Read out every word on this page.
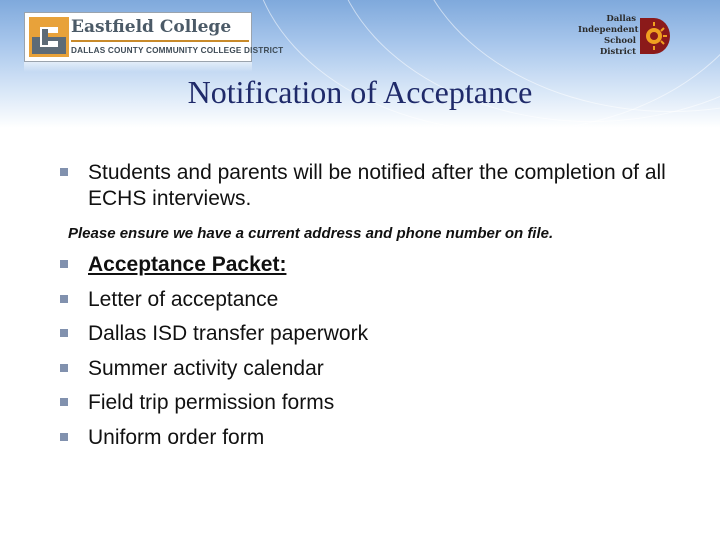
Eastfield College
DALLAS COUNTY COMMUNITY COLLEGE DISTRICT
Dallas
Independent
School
District
Notification of Acceptance
Students and parents will be notified after the completion of all ECHS interviews.
Please ensure we have a current address and phone number on file.
Acceptance Packet:
Letter of acceptance
Dallas ISD transfer paperwork
Summer activity calendar
Field trip permission forms
Uniform order form
